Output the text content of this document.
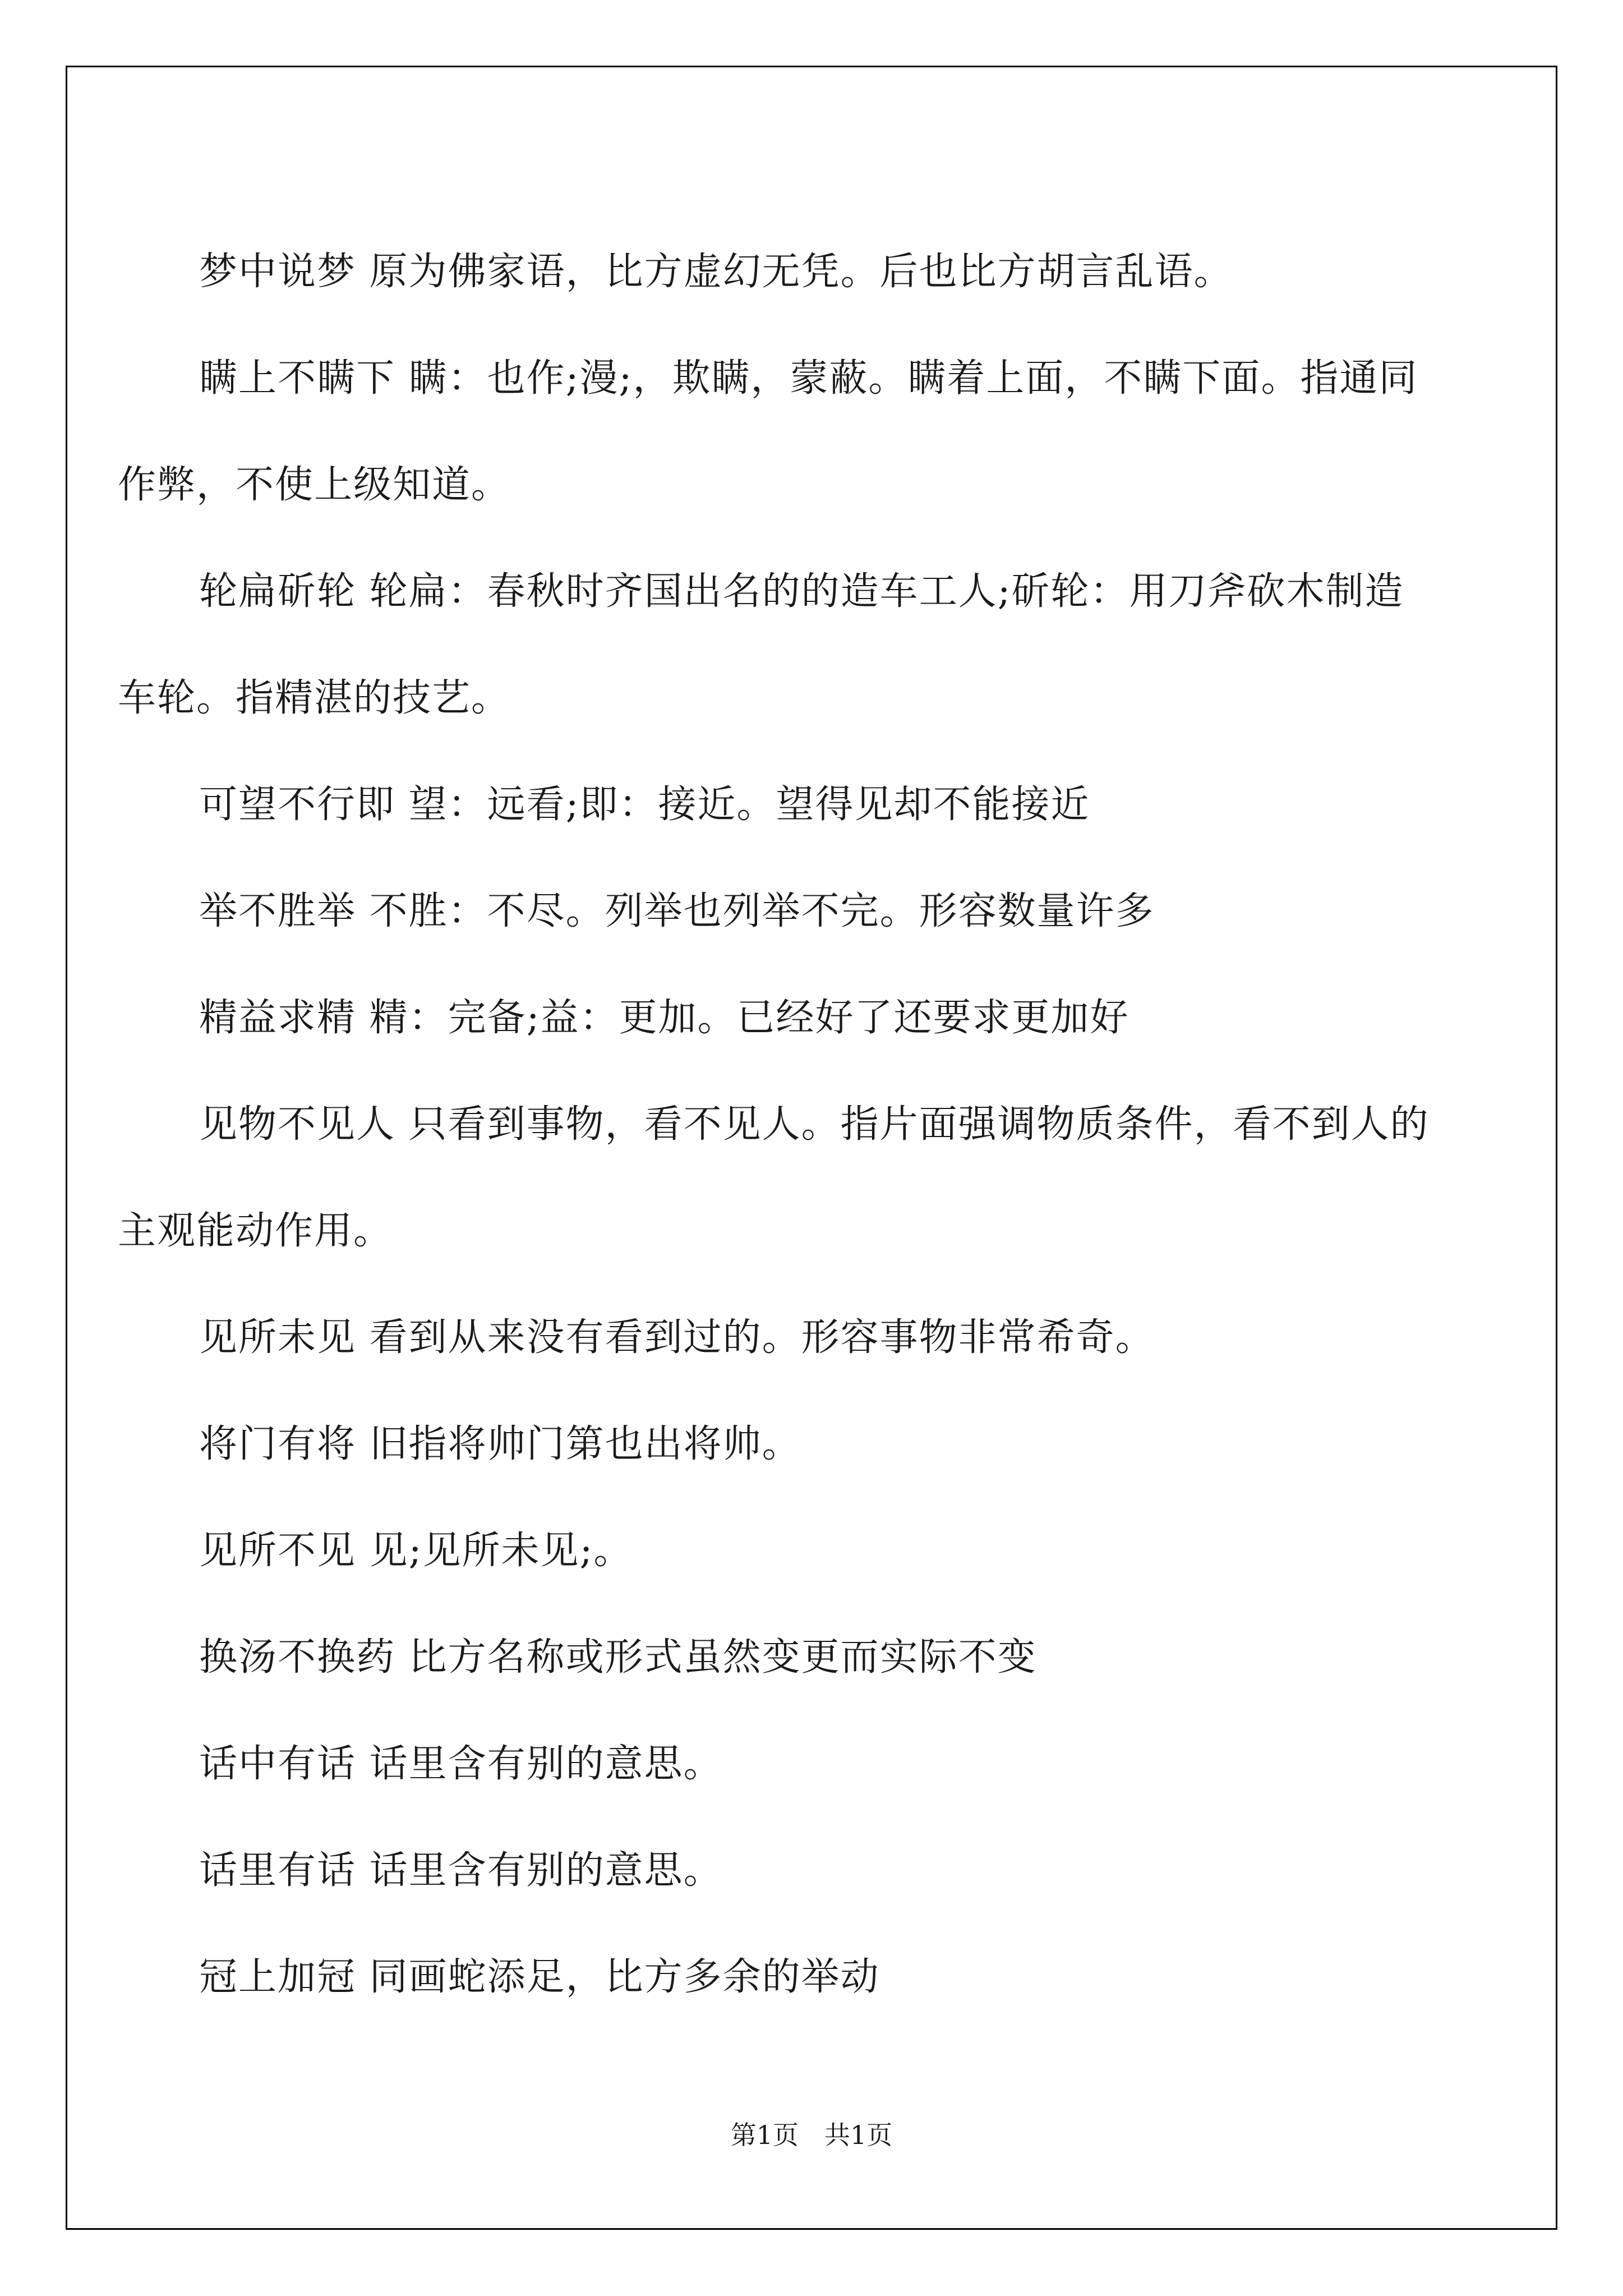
梦中说梦 原为佛家语，比方虚幻无凭。后也比方胡言乱语。

瞒上不瞒下 瞒：也作;漫;，欺瞒，蒙蔽。瞒着上面，不瞒下面。指通同作弊，不使上级知道。

轮扁斫轮 轮扁：春秋时齐国出名的的造车工人;斫轮：用刀斧砍木制造车轮。指精湛的技艺。

可望不行即 望：远看;即：接近。望得见却不能接近

举不胜举 不胜：不尽。列举也列举不完。形容数量许多

精益求精 精：完备;益：更加。已经好了还要求更加好

见物不见人 只看到事物，看不见人。指片面强调物质条件，看不到人的主观能动作用。

见所未见 看到从来没有看到过的。形容事物非常希奇。

将门有将 旧指将帅门第也出将帅。

见所不见 见;见所未见;。

换汤不换药 比方名称或形式虽然变更而实际不变

话中有话 话里含有别的意思。

话里有话 话里含有别的意思。

冠上加冠 同画蛇添足，比方多余的举动

第1页　共1页
